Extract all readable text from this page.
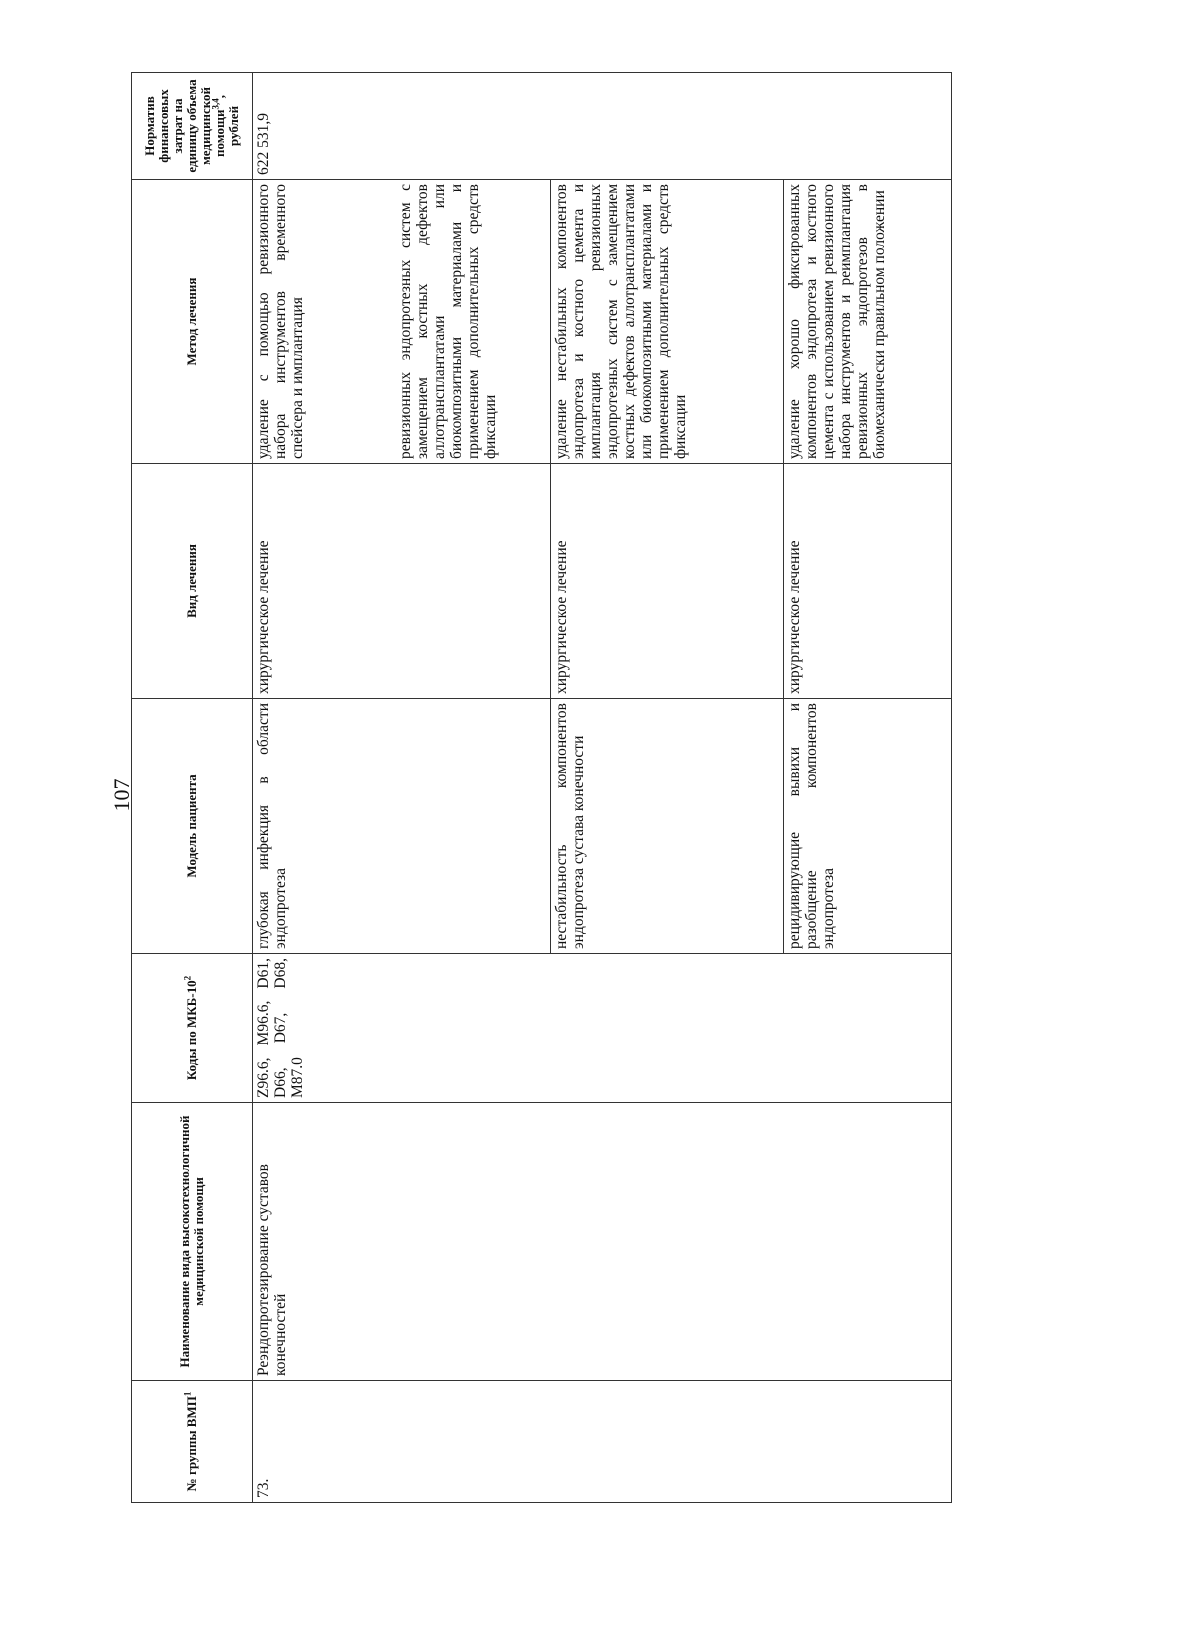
107
№ группы ВМП$^1$	Наименование вида высокотехнологичной медицинской помощи	Коды по МКБ-$10^2$	Модель пациента	Вид лечения	Метод лечения	Норматив финансовых затрат на единицу объема медицинской помощи$^{3,4}$, рублей
73.	Реэндопротезирование суставов конечностей	Z96.6, M96.6, D61, D66, D67, D68, M87.0	глубокая инфекция в области эндопротеза	хирургическое лечение	удаление с помощью ревизионного набора инструментов временного спейсера и имплантация	622 531,9
					ревизионных эндопротезных систем с замещением костных дефектов аллотрансплантатами или биокомпозитными материалами и применением дополнительных средств фиксации	
			нестабильность компонентов эндопротеза сустава конечности	хирургическое лечение	удаление нестабильных компонентов эндопротеза и костного цемента и имплантация ревизионных эндопротезных систем с замещением костных дефектов аллотрансплантатами или биокомпозитными материалами и применением дополнительных средств фиксации	
			рецидивирующие вывихи и разобщение компонентов эндопротеза	хирургическое лечение	удаление хорошо фиксированных компонентов эндопротеза и костного цемента с использованием ревизионного набора инструментов и реимплантация ревизионных эндопротезов в биомеханически правильном положении	
